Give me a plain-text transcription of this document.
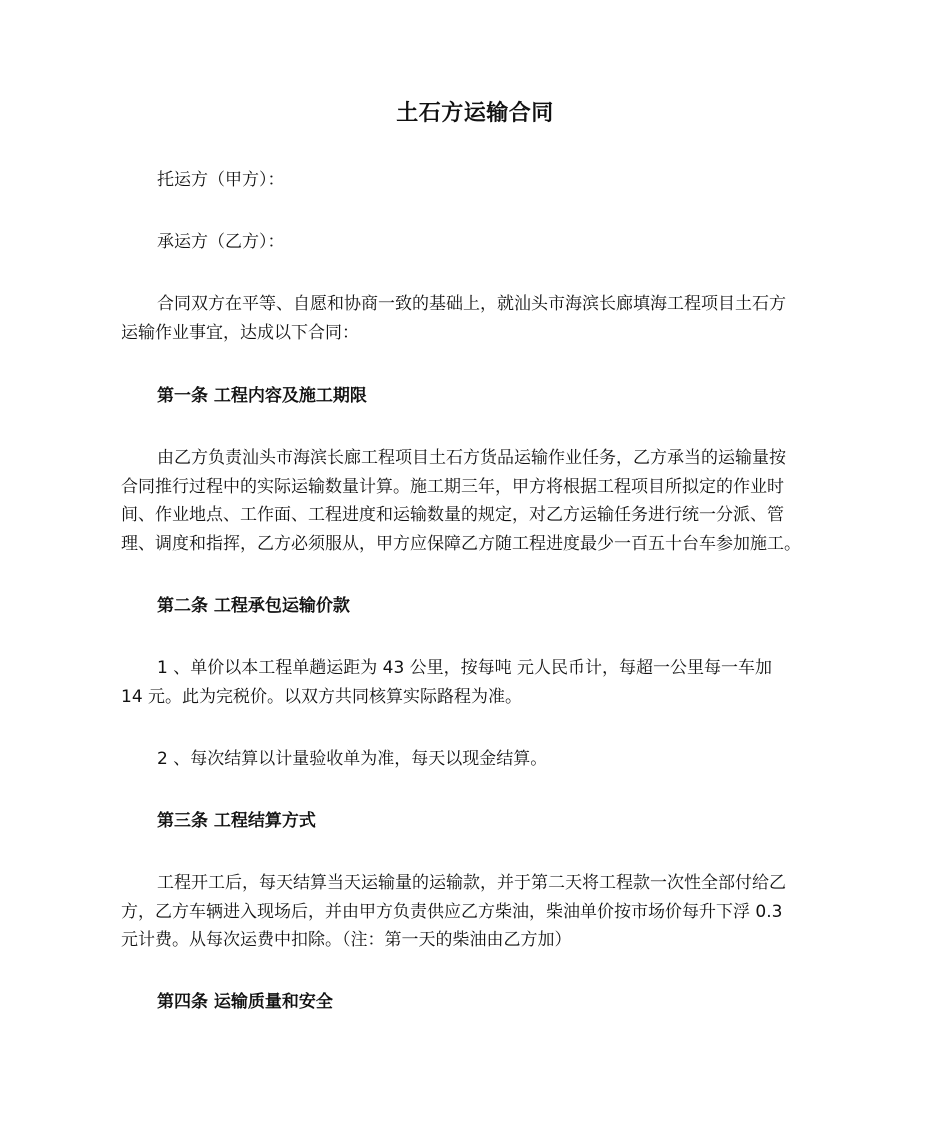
土石方运输合同
托运方（甲方）：
承运方（乙方）：
合同双方在平等、自愿和协商一致的基础上，就汕头市海滨长廊填海工程项目土石方
运输作业事宜，达成以下合同：
第一条 工程内容及施工期限
由乙方负责汕头市海滨长廊工程项目土石方货品运输作业任务，乙方承当的运输量按
合同推行过程中的实际运输数量计算。施工期三年，甲方将根据工程项目所拟定的作业时
间、作业地点、工作面、工程进度和运输数量的规定，对乙方运输任务进行统一分派、管
理、调度和指挥，乙方必须服从，甲方应保障乙方随工程进度最少一百五十台车参加施工。
第二条 工程承包运输价款
1 、单价以本工程单趟运距为 43 公里，按每吨 元人民币计，每超一公里每一车加
14 元。此为完税价。以双方共同核算实际路程为准。
2 、每次结算以计量验收单为准，每天以现金结算。
第三条 工程结算方式
工程开工后，每天结算当天运输量的运输款，并于第二天将工程款一次性全部付给乙
方，乙方车辆进入现场后，并由甲方负责供应乙方柴油，柴油单价按市场价每升下浮 0.3
元计费。从每次运费中扣除。（注：第一天的柴油由乙方加）
第四条 运输质量和安全
